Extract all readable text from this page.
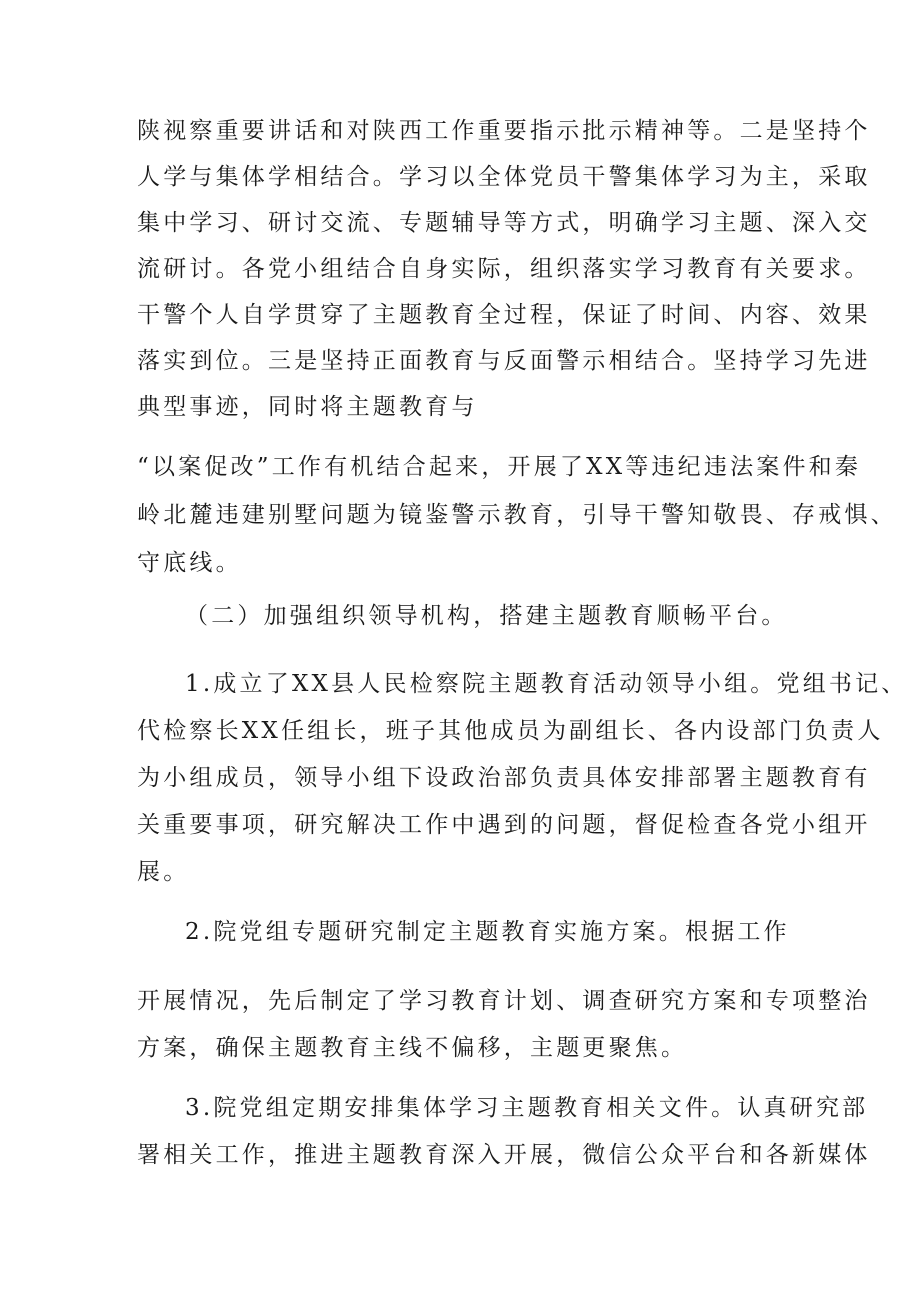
陕视察重要讲话和对陕西工作重要指示批示精神等。二是坚持个
人学与集体学相结合。学习以全体党员干警集体学习为主，采取
集中学习、研讨交流、专题辅导等方式，明确学习主题、深入交
流研讨。各党小组结合自身实际，组织落实学习教育有关要求。
干警个人自学贯穿了主题教育全过程，保证了时间、内容、效果
落实到位。三是坚持正面教育与反面警示相结合。坚持学习先进
典型事迹，同时将主题教育与
“以案促改”工作有机结合起来，开展了XX等违纪违法案件和秦
岭北麓违建别墅问题为镜鉴警示教育，引导干警知敬畏、存戒惧、
守底线。
（二）加强组织领导机构，搭建主题教育顺畅平台。
1.成立了XX县人民检察院主题教育活动领导小组。党组书记、
代检察长XX任组长，班子其他成员为副组长、各内设部门负责人
为小组成员，领导小组下设政治部负责具体安排部署主题教育有
关重要事项，研究解决工作中遇到的问题，督促检查各党小组开
展。
2.院党组专题研究制定主题教育实施方案。根据工作
开展情况，先后制定了学习教育计划、调查研究方案和专项整治
方案，确保主题教育主线不偏移，主题更聚焦。
3.院党组定期安排集体学习主题教育相关文件。认真研究部
署相关工作，推进主题教育深入开展，微信公众平台和各新媒体
